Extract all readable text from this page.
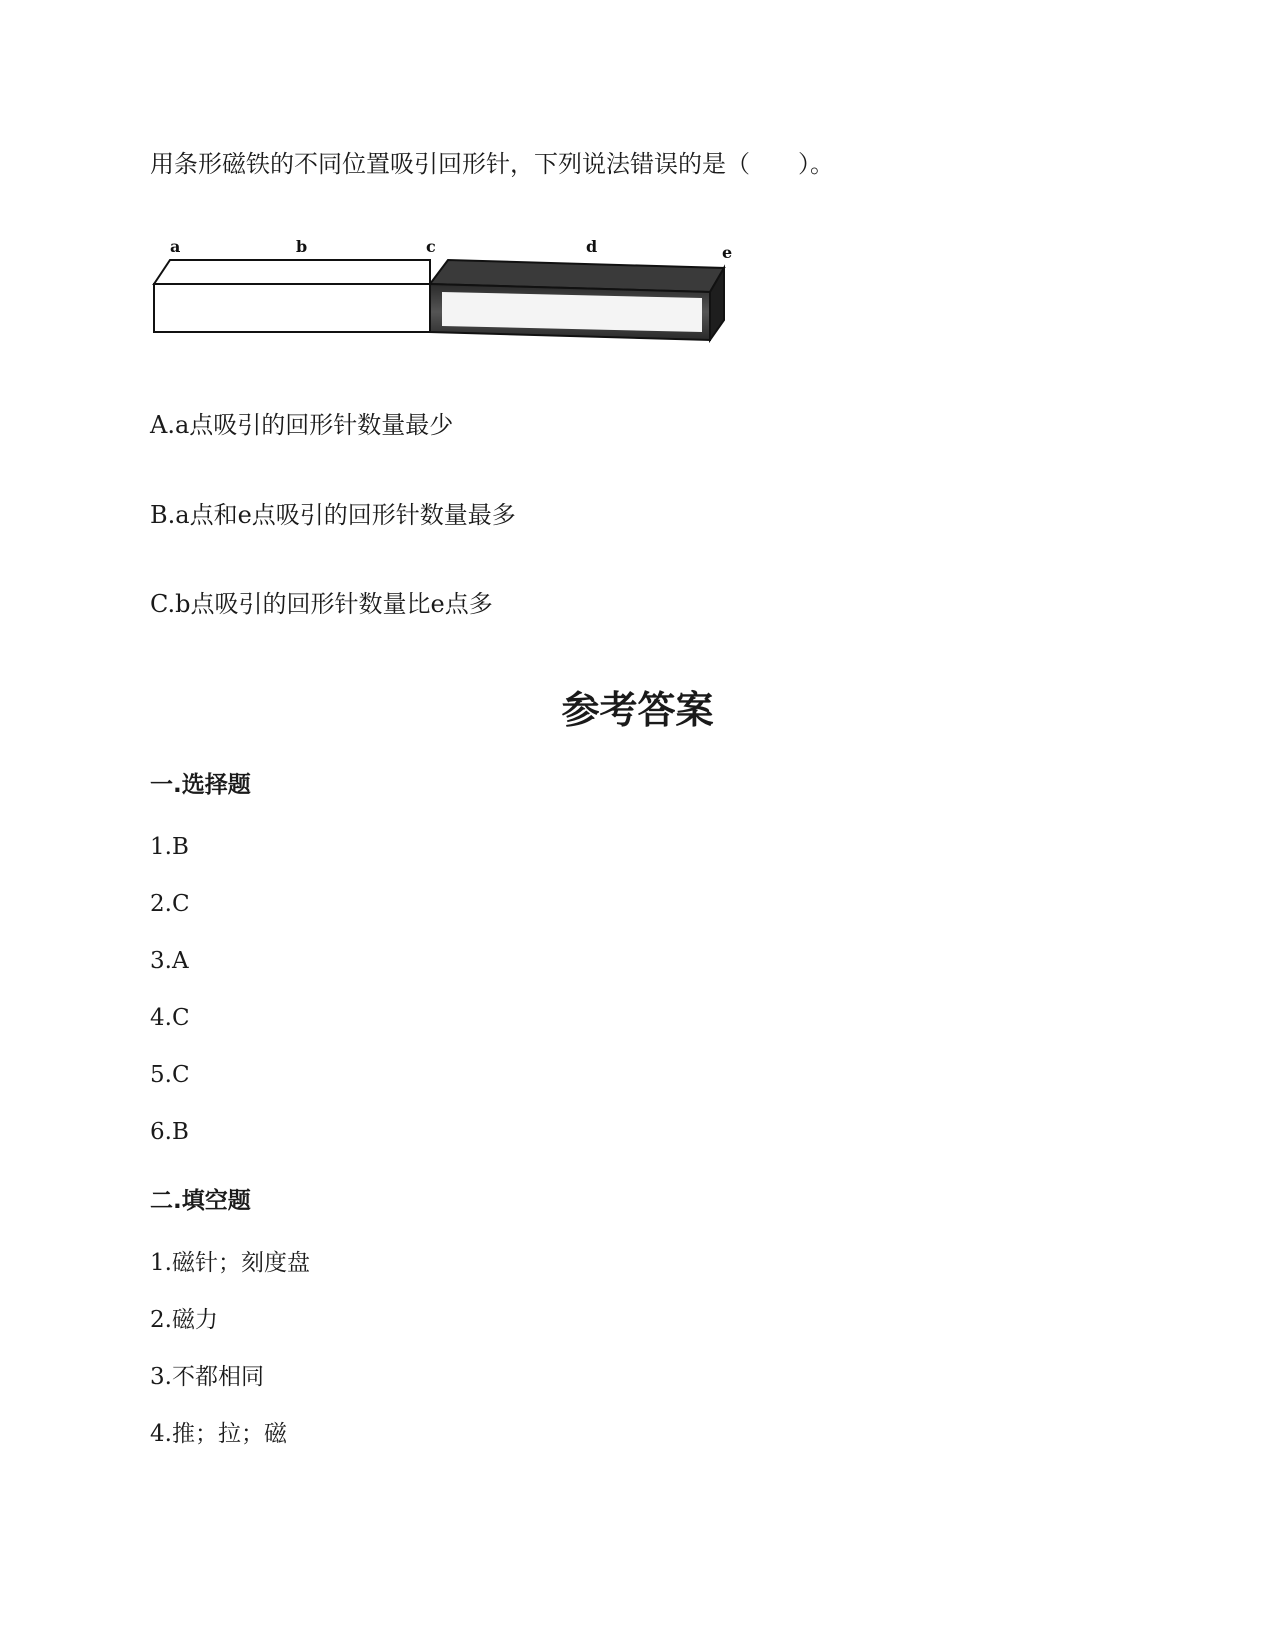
用条形磁铁的不同位置吸引回形针，下列说法错误的是（　　）。
a	b	c	d	e
A.a点吸引的回形针数量最少
B.a点和e点吸引的回形针数量最多
C.b点吸引的回形针数量比e点多
参考答案
一.选择题
1.B
2.C
3.A
4.C
5.C
6.B
二.填空题
1.磁针；刻度盘
2.磁力
3.不都相同
4.推；拉；磁
